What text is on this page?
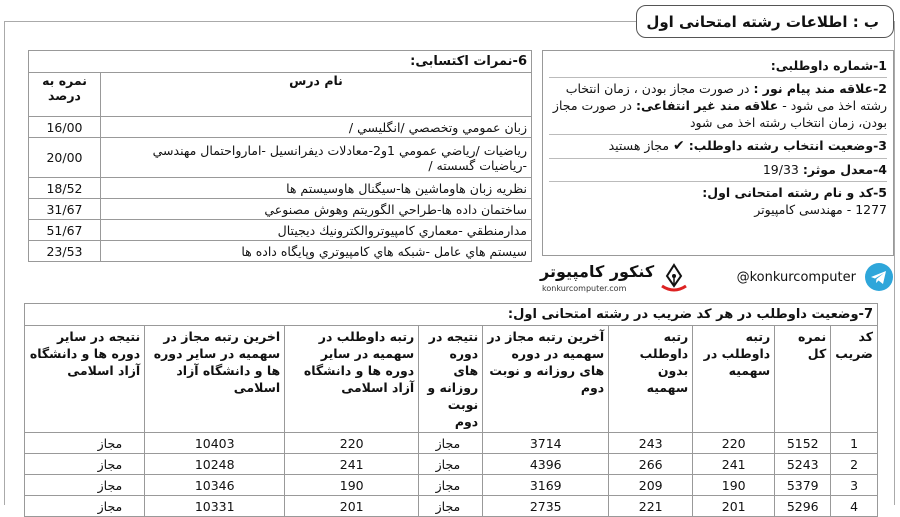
ب : اطلاعات رشته امتحانی اول
1-شماره داوطلبی:
2-علاقه مند پیام نور : در صورت مجاز بودن ، زمان انتخاب رشته اخذ می شود - علاقه مند غیر انتفاعی: در صورت مجاز بودن، زمان انتخاب رشته اخذ می شود
3-وضعیت انتخاب رشته داوطلب: ✔ مجاز هستید
4-معدل موثر: 19/33
5-کد و نام رشته امتحانی اول:
1277 - مهندسی کامپیوتر
6-نمرات اکتسابی:
نام درس	نمره به درصد
زبان عمومي وتخصصي /انگليسي /	16/00
رياضيات /رياضي عمومي 1و2-معادلات ديفرانسيل -امارواحتمال مهندسي -رياضيات گسسته /	20/00
نظريه زبان هاوماشين ها-سيگنال هاوسيستم ها	18/52
ساختمان داده ها-طراحي الگوريتم وهوش مصنوعي	31/67
مدارمنطقي -معماري كامپيوتروالكترونيك ديجيتال	51/67
سيستم هاي عامل -شبكه هاي كامپيوتري وپايگاه داده ها	23/53
@konkurcomputer
کنکور کامپیوتر
konkurcomputer.com
7-وضعیت داوطلب در هر کد ضریب در رشته امتحانی اول:
کد ضریب	نمره کل	رتبه داوطلب در سهمیه	رتبه داوطلب بدون سهمیه	آخرین رتبه مجاز در سهمیه در دوره های روزانه و نوبت دوم	نتیجه در دوره های روزانه و نوبت دوم	رتبه داوطلب در سهمیه در سایر دوره ها و دانشگاه آزاد اسلامی	اخرین رتبه مجاز در سهمیه در سایر دوره ها و دانشگاه آزاد اسلامی	نتیجه در سایر دوره ها و دانشگاه آزاد اسلامی
1	5152	220	243	3714	مجاز	220	10403	مجاز
2	5243	241	266	4396	مجاز	241	10248	مجاز
3	5379	190	209	3169	مجاز	190	10346	مجاز
4	5296	201	221	2735	مجاز	201	10331	مجاز
